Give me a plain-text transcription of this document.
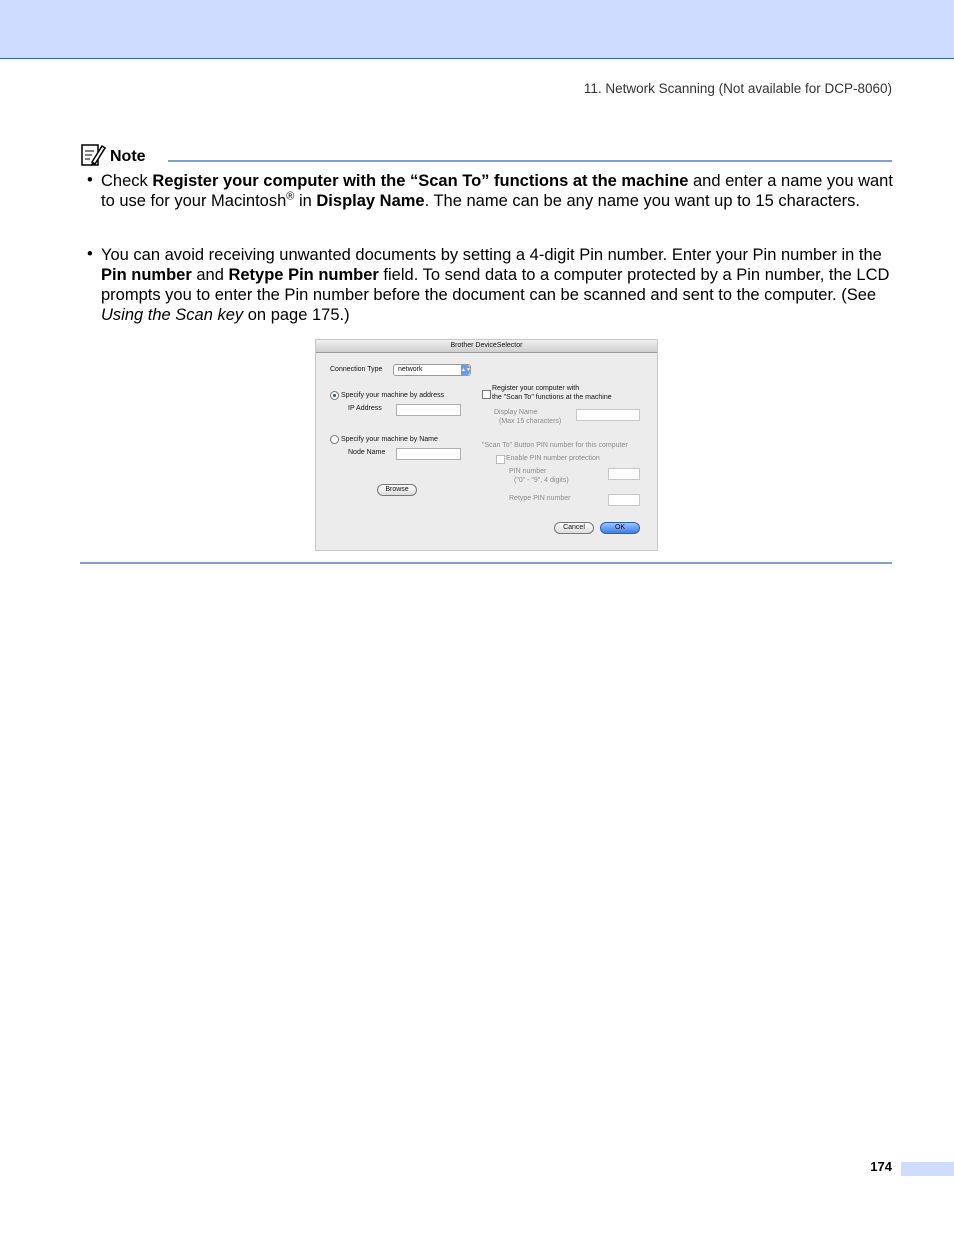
11. Network Scanning (Not available for DCP-8060)
Note
• Check Register your computer with the “Scan To” functions at the machine and enter a name you want to use for your Macintosh® in Display Name. The name can be any name you want up to 15 characters.
• You can avoid receiving unwanted documents by setting a 4-digit Pin number. Enter your Pin number in the Pin number and Retype Pin number field. To send data to a computer protected by a Pin number, the LCD prompts you to enter the Pin number before the document can be scanned and sent to the computer. (See Using the Scan key on page 175.)
Brother DeviceSelector
Connection Type network	▲▼
Specify your machine by address
IP Address
Specify your machine by Name
Node Name
Browse
Register your computer with
the "Scan To" functions at the machine
Display Name
(Max 15 characters)
"Scan To" Button PIN number for this computer
Enable PIN number protection
PIN number
("0" - "9", 4 digits)
Retype PIN number
Cancel	OK
174
